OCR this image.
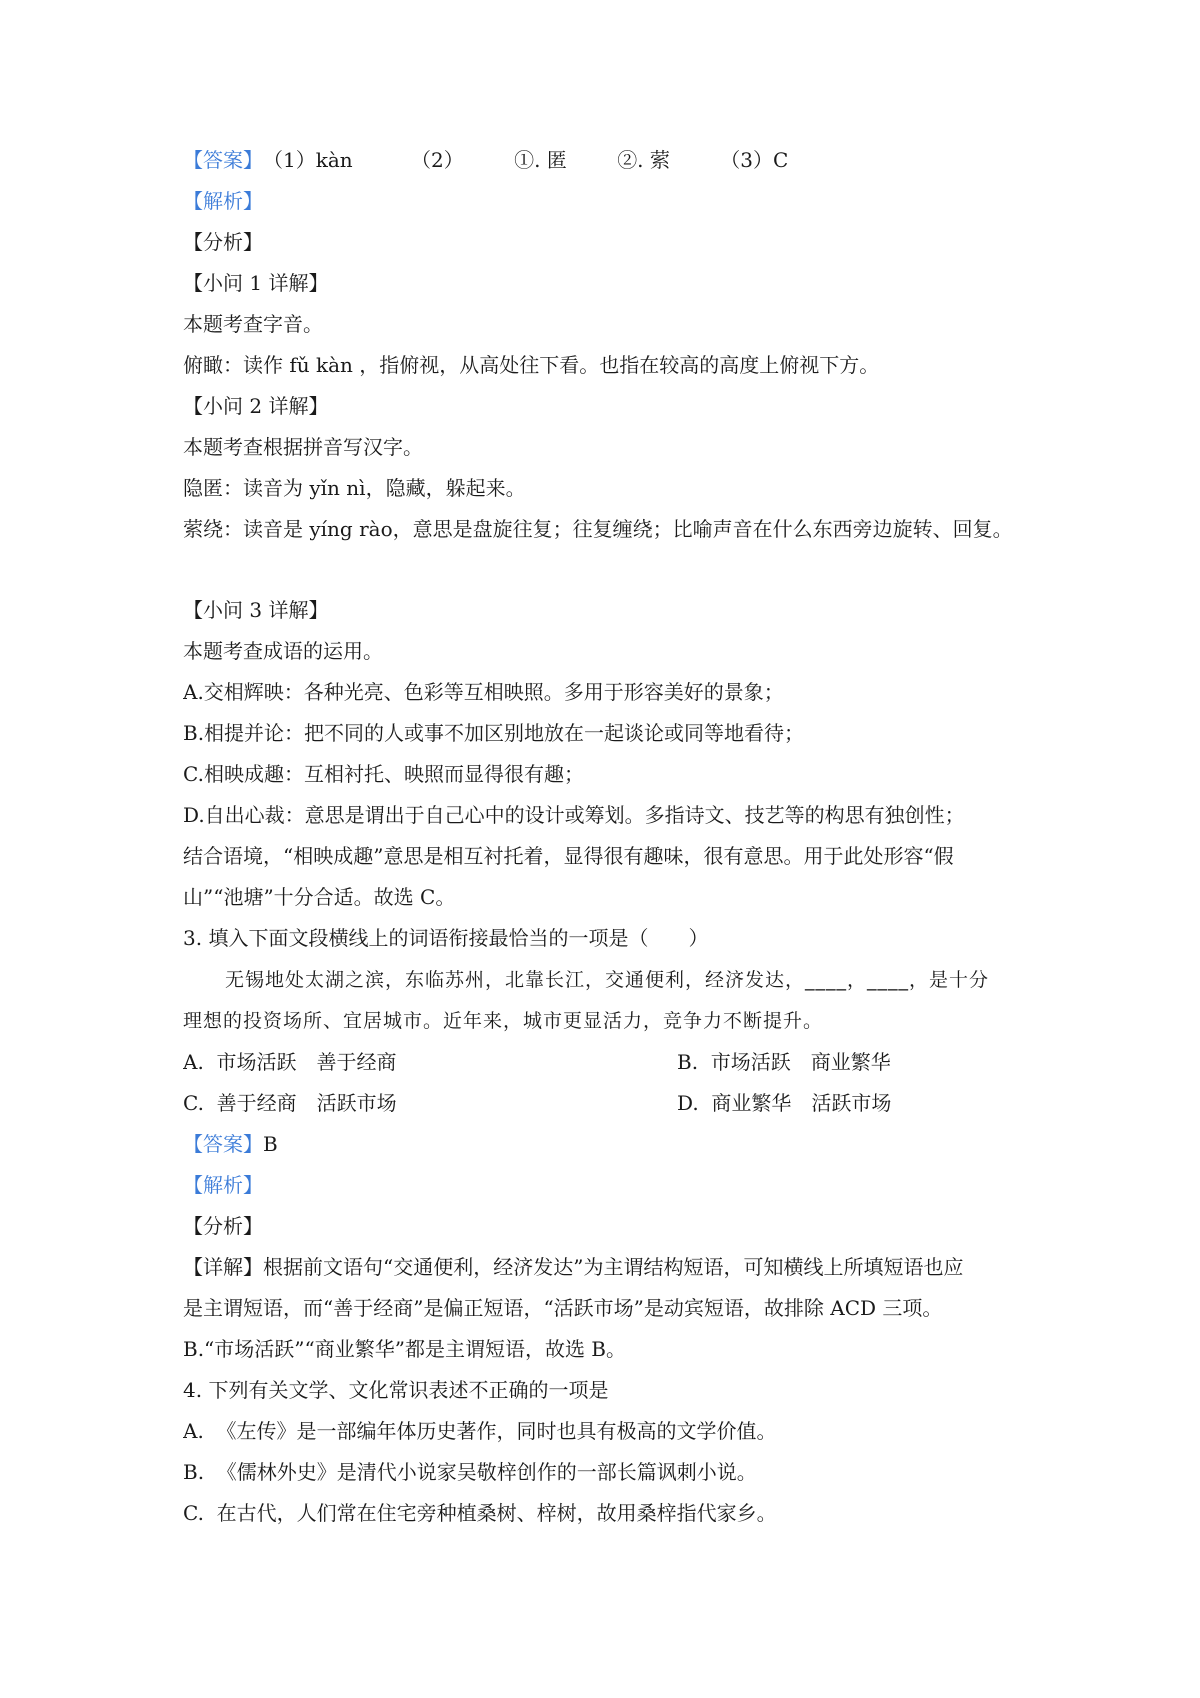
【答案】（1）kàn	（2）	①. 匿	②. 萦	（3）C
【解析】
【分析】
【小问 1 详解】
本题考查字音。
俯瞰：读作 fǔ kàn ，指俯视，从高处往下看。也指在较高的高度上俯视下方。
【小问 2 详解】
本题考查根据拼音写汉字。
隐匿：读音为 yǐn nì，隐藏，躲起来。
萦绕：读音是 yíng rào，意思是盘旋往复；往复缠绕；比喻声音在什么东西旁边旋转、回复。
【小问 3 详解】
本题考查成语的运用。
A.交相辉映：各种光亮、色彩等互相映照。多用于形容美好的景象；
B.相提并论：把不同的人或事不加区别地放在一起谈论或同等地看待；
C.相映成趣：互相衬托、映照而显得很有趣；
D.自出心裁：意思是谓出于自己心中的设计或筹划。多指诗文、技艺等的构思有独创性；
结合语境，“相映成趣”意思是相互衬托着，显得很有趣味，很有意思。用于此处形容“假
山”“池塘”十分合适。故选 C。
3. 填入下面文段横线上的词语衔接最恰当的一项是（　　）
无锡地处太湖之滨，东临苏州，北靠长江，交通便利，经济发达，____，____，是十分
理想的投资场所、宜居城市。近年来，城市更显活力，竞争力不断提升。
A. 市场活跃　善于经商	B. 市场活跃　商业繁华
C. 善于经商　活跃市场	D. 商业繁华　活跃市场
【答案】B
【解析】
【分析】
【详解】根据前文语句“交通便利，经济发达”为主谓结构短语，可知横线上所填短语也应
是主谓短语，而“善于经商”是偏正短语，“活跃市场”是动宾短语，故排除 ACD 三项。
B.“市场活跃”“商业繁华”都是主谓短语，故选 B。
4. 下列有关文学、文化常识表述不正确的一项是
A. 《左传》是一部编年体历史著作，同时也具有极高的文学价值。
B. 《儒林外史》是清代小说家吴敬梓创作的一部长篇讽刺小说。
C. 在古代，人们常在住宅旁种植桑树、梓树，故用桑梓指代家乡。
